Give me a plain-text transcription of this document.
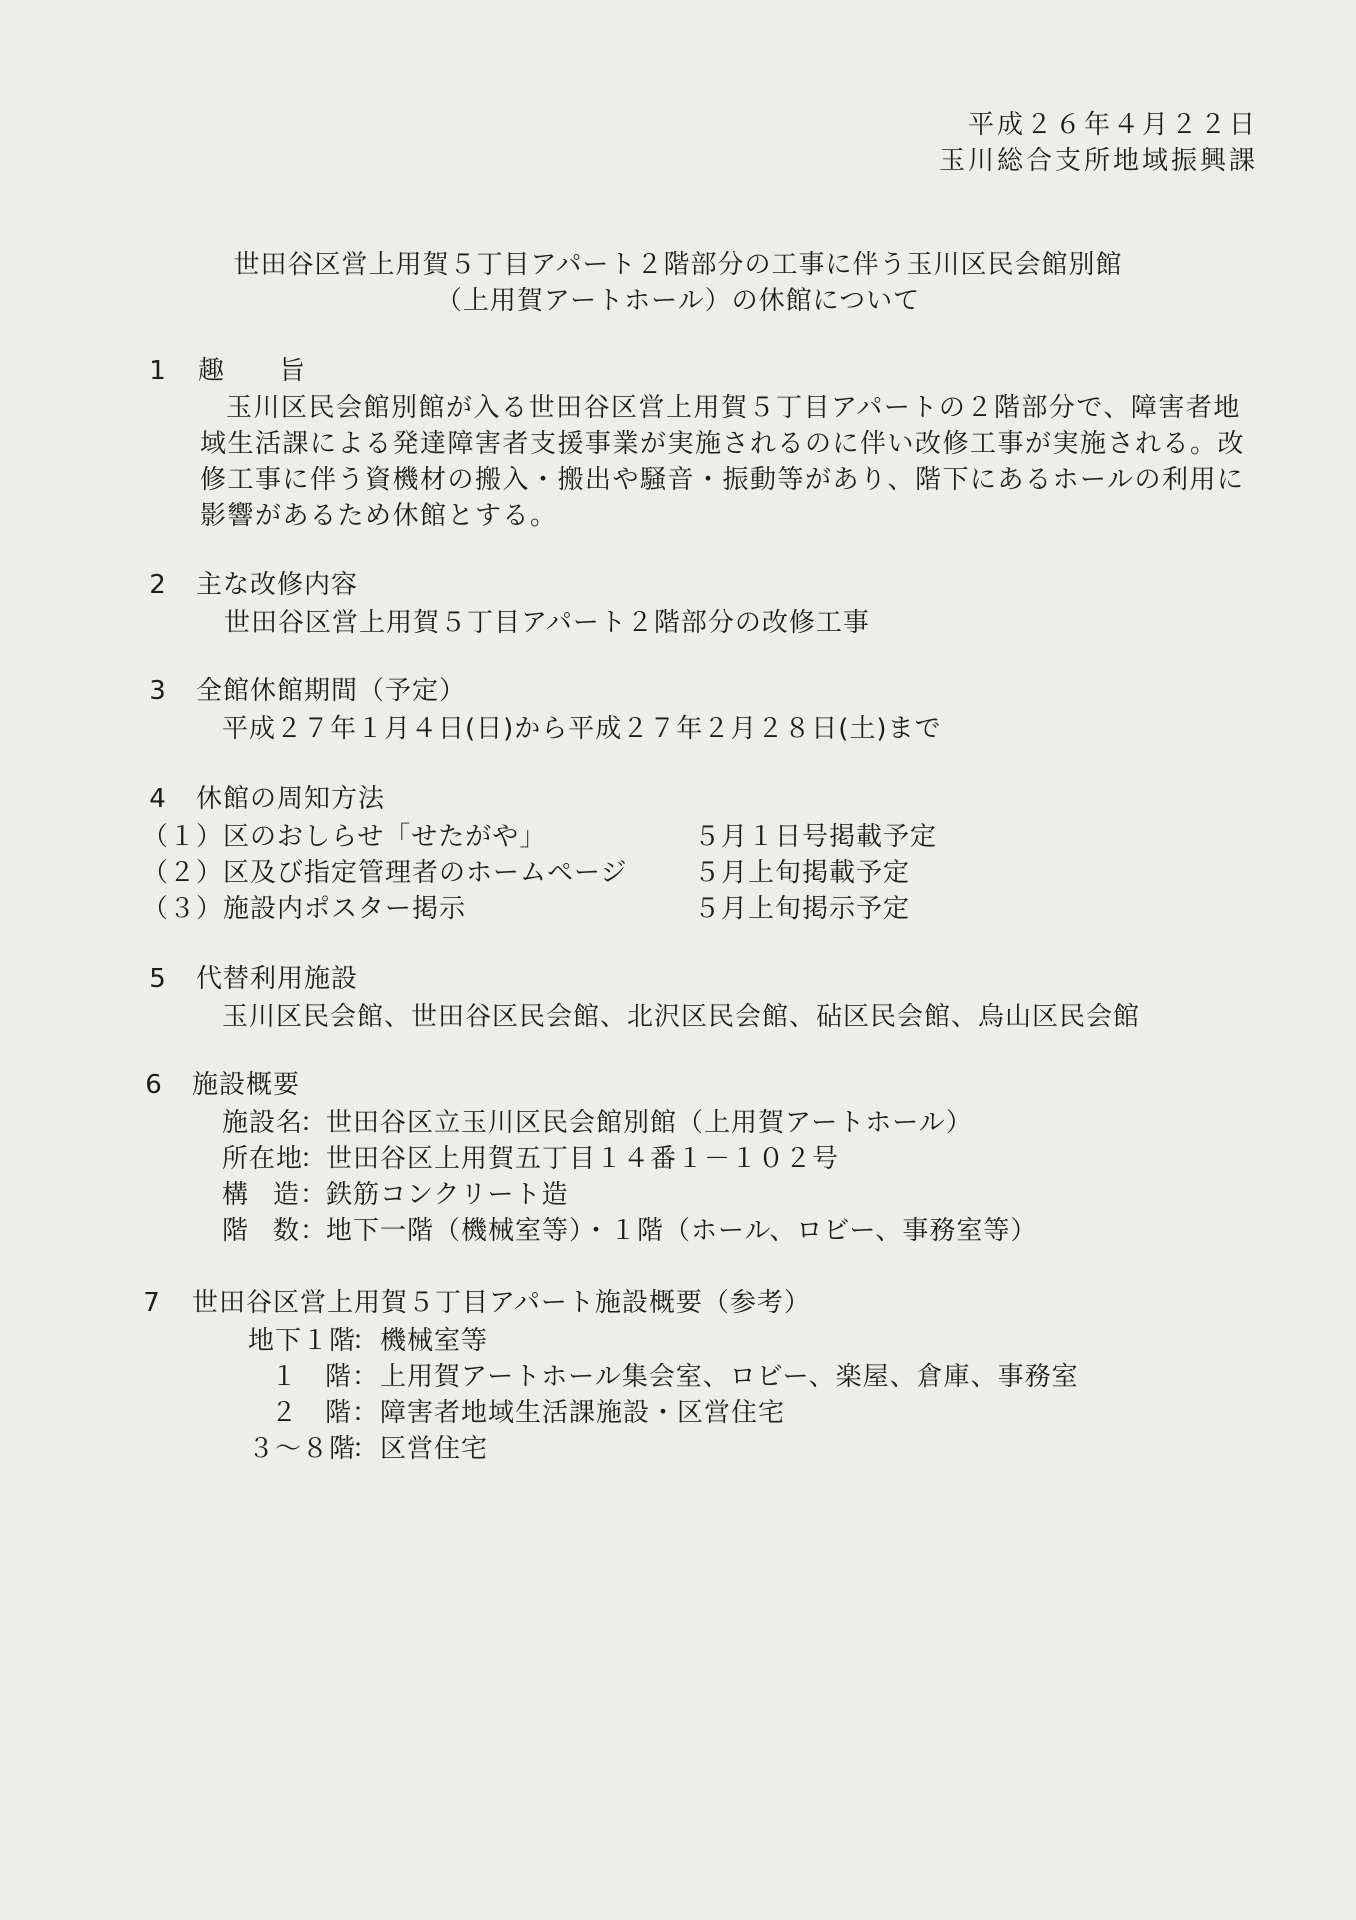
平成２６年４月２２日
玉川総合支所地域振興課
世田谷区営上用賀５丁目アパート２階部分の工事に伴う玉川区民会館別館
（上用賀アートホール）の休館について
1 趣　　旨
玉川区民会館別館が入る世田谷区営上用賀５丁目アパートの２階部分で、障害者地域生活課による発達障害者支援事業が実施されるのに伴い改修工事が実施される。改修工事に伴う資機材の搬入・搬出や騒音・振動等があり、階下にあるホールの利用に影響があるため休館とする。
2 主な改修内容
世田谷区営上用賀５丁目アパート２階部分の改修工事
3 全館休館期間（予定）
平成２７年１月４日(日)から平成２７年２月２８日(土)まで
4 休館の周知方法
（１）区のおしらせ「せたがや」	５月１日号掲載予定
（２）区及び指定管理者のホームページ	５月上旬掲載予定
（３）施設内ポスター掲示	５月上旬掲示予定
5 代替利用施設
玉川区民会館、世田谷区民会館、北沢区民会館、砧区民会館、烏山区民会館
6 施設概要
施設名
：
世田谷区立玉川区民会館別館（上用賀アートホール）
所在地
：
世田谷区上用賀五丁目１４番１－１０２号
構造 ：
鉄筋コンクリート造
階数 ：
地下一階（機械室等）・１階（ホール、ロビー、事務室等）
7 世田谷区営上用賀５丁目アパート施設概要（参考）
地下１階
： 機械室等
１　階 ： 上用賀アートホール集会室、ロビー、楽屋、倉庫、事務室
２　階 ： 障害者地域生活課施設・区営住宅
３～８階
： 区営住宅
